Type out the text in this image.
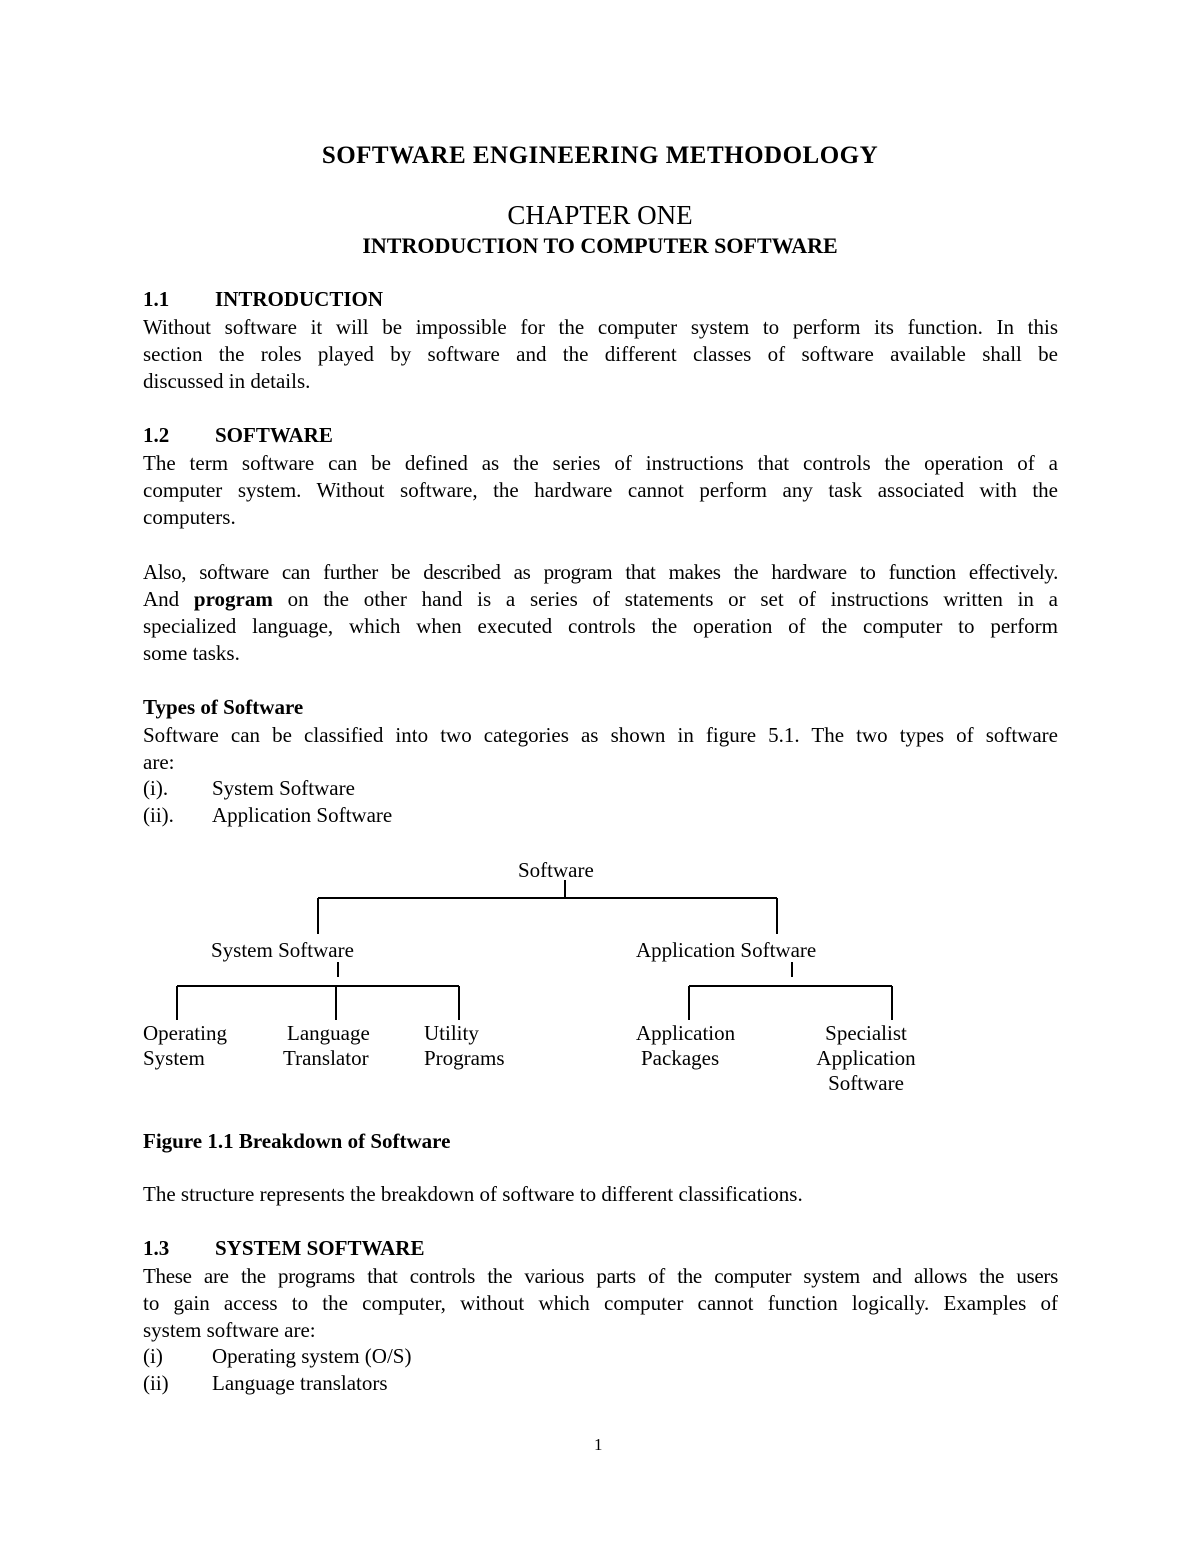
SOFTWARE ENGINEERING METHODOLOGY
CHAPTER ONE
INTRODUCTION TO COMPUTER SOFTWARE
1.1 INTRODUCTION
Without software it will be impossible for the computer system to perform its function. In this
section the roles played by software and the different classes of software available shall be
discussed in details.
1.2 SOFTWARE
The term software can be defined as the series of instructions that controls the operation of a
computer system. Without software, the hardware cannot perform any task associated with the
computers.
Also, software can further be described as program that makes the hardware to function effectively.
And program on the other hand is a series of statements or set of instructions written in a
specialized language, which when executed controls the operation of the computer to perform
some tasks.
Types of Software
Software can be classified into two categories as shown in figure 5.1. The two types of software
are:
(i). System Software
(ii). Application Software
Software
System Software	Application Software
Operating
System
Language
Translator
Utility
Programs
Application
Packages
Specialist
Application
Software
Figure 1.1 Breakdown of Software
The structure represents the breakdown of software to different classifications.
1.3 SYSTEM SOFTWARE
These are the programs that controls the various parts of the computer system and allows the users
to gain access to the computer, without which computer cannot function logically. Examples of
system software are:
(i) Operating system (O/S)
(ii) Language translators
1
